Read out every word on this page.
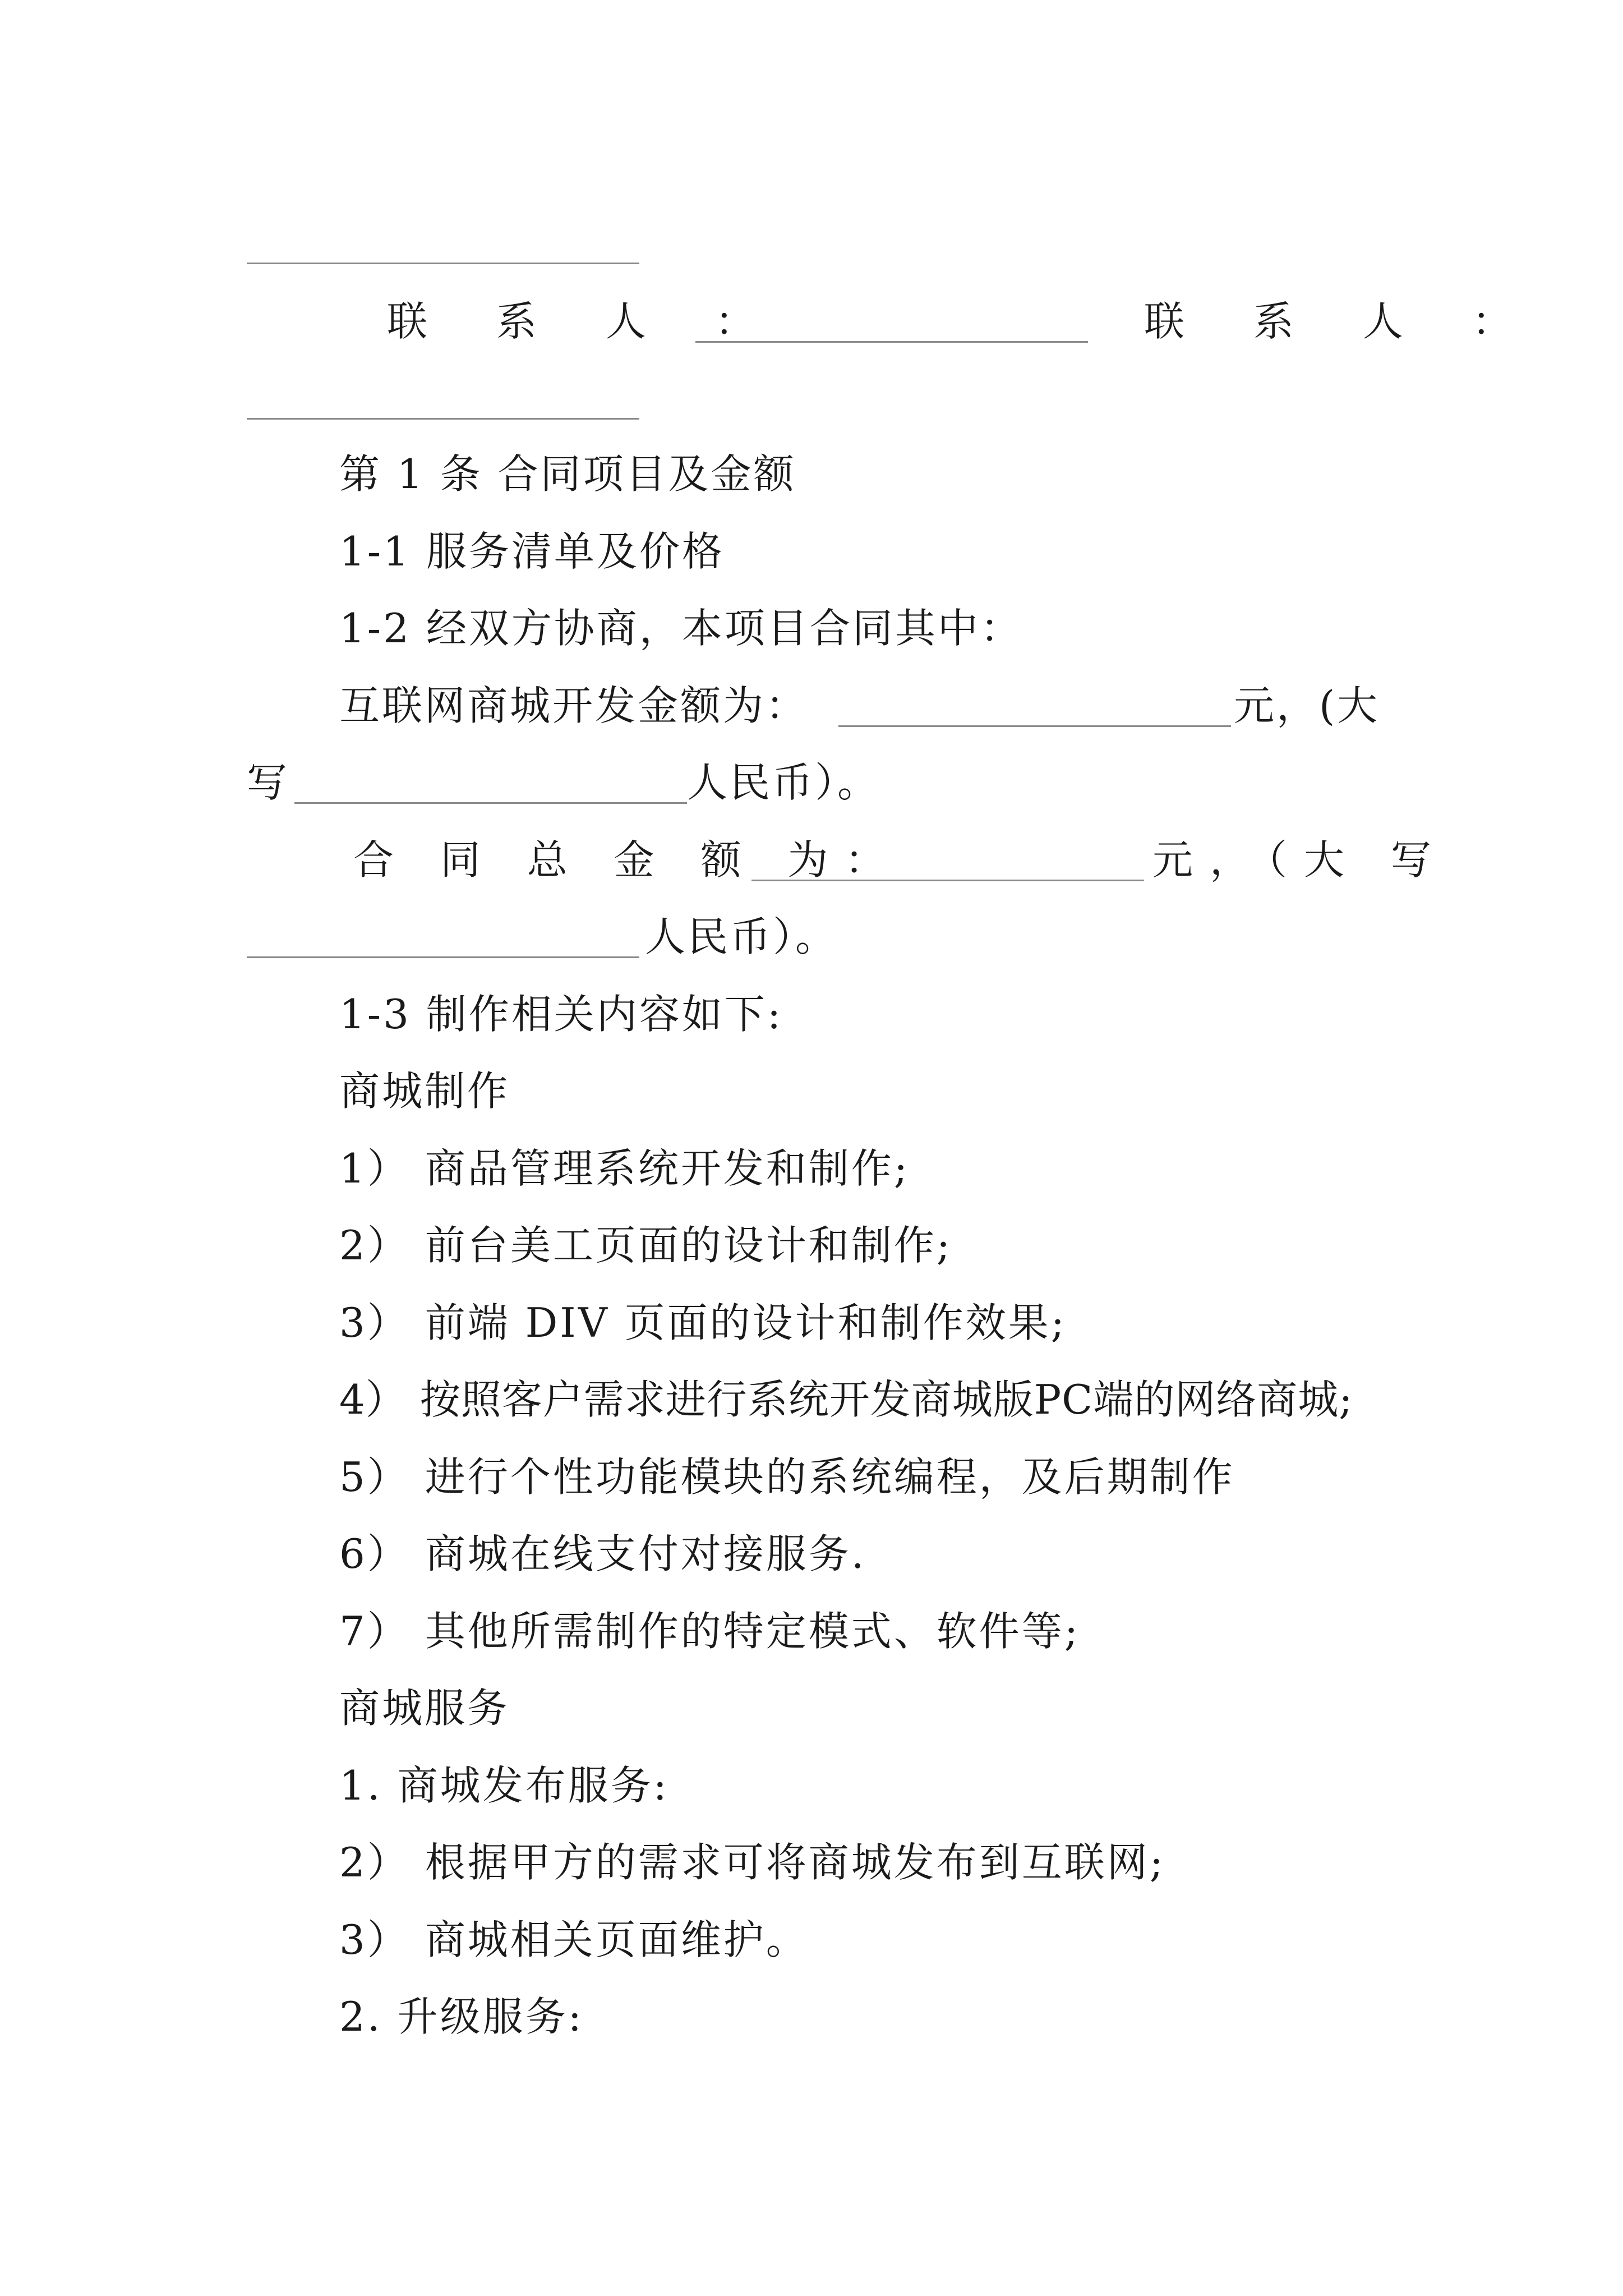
联 系 人 ：	联 系 人 ：
第 1 条 合同项目及金额
1-1 服务清单及价格
1-2 经双方协商，本项目合同其中：
互联网商城开发金额为：	元，(大
写	人民币）。
合 同 总 金 额 为：	元，（大 写
人民币）。
1-3 制作相关内容如下:
商城制作
1） 商品管理系统开发和制作;
2） 前台美工页面的设计和制作;
3） 前端 DIV 页面的设计和制作效果;
4） 按照客户需求进行系统开发商城版PC端的网络商城;
5） 进行个性功能模块的系统编程，及后期制作
6） 商城在线支付对接服务.
7） 其他所需制作的特定模式、软件等;
商城服务
1. 商城发布服务:
2） 根据甲方的需求可将商城发布到互联网;
3） 商城相关页面维护。
2. 升级服务:
